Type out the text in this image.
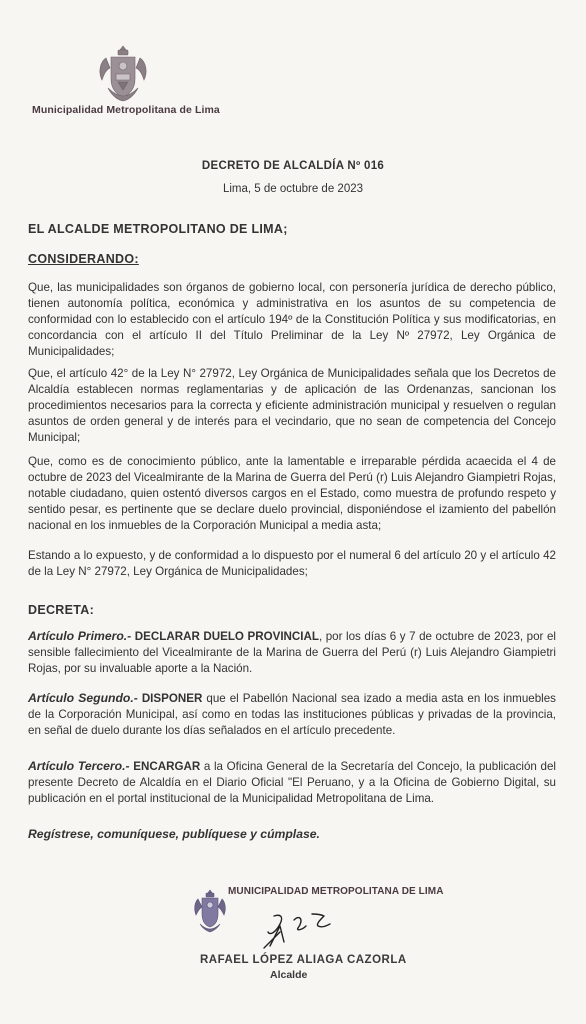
Municipalidad Metropolitana de Lima
DECRETO DE ALCALDÍA Nº 016
Lima, 5 de octubre de 2023
EL ALCALDE METROPOLITANO DE LIMA;
CONSIDERANDO:
Que, las municipalidades son órganos de gobierno local, con personería jurídica de derecho público, tienen autonomía política, económica y administrativa en los asuntos de su competencia de conformidad con lo establecido con el artículo 194º de la Constitución Política y sus modificatorias, en concordancia con el artículo II del Título Preliminar de la Ley Nº 27972, Ley Orgánica de Municipalidades;
Que, el artículo 42° de la Ley N° 27972, Ley Orgánica de Municipalidades señala que los Decretos de Alcaldía establecen normas reglamentarias y de aplicación de las Ordenanzas, sancionan los procedimientos necesarios para la correcta y eficiente administración municipal y resuelven o regulan asuntos de orden general y de interés para el vecindario, que no sean de competencia del Concejo Municipal;
Que, como es de conocimiento público, ante la lamentable e irreparable pérdida acaecida el 4 de octubre de 2023 del Vicealmirante de la Marina de Guerra del Perú (r) Luis Alejandro Giampietri Rojas, notable ciudadano, quien ostentó diversos cargos en el Estado, como muestra de profundo respeto y sentido pesar, es pertinente que se declare duelo provincial, disponiéndose el izamiento del pabellón nacional en los inmuebles de la Corporación Municipal a media asta;
Estando a lo expuesto, y de conformidad a lo dispuesto por el numeral 6 del artículo 20 y el artículo 42 de la Ley N° 27972, Ley Orgánica de Municipalidades;
DECRETA:
Artículo Primero.- DECLARAR DUELO PROVINCIAL, por los días 6 y 7 de octubre de 2023, por el sensible fallecimiento del Vicealmirante de la Marina de Guerra del Perú (r) Luis Alejandro Giampietri Rojas, por su invaluable aporte a la Nación.
Artículo Segundo.- DISPONER que el Pabellón Nacional sea izado a media asta en los inmuebles de la Corporación Municipal, así como en todas las instituciones públicas y privadas de la provincia, en señal de duelo durante los días señalados en el artículo precedente.
Artículo Tercero.- ENCARGAR a la Oficina General de la Secretaría del Concejo, la publicación del presente Decreto de Alcaldía en el Diario Oficial "El Peruano, y a la Oficina de Gobierno Digital, su publicación en el portal institucional de la Municipalidad Metropolitana de Lima.
Regístrese, comuníquese, publíquese y cúmplase.
MUNICIPALIDAD METROPOLITANA DE LIMA
RAFAEL LÓPEZ ALIAGA CAZORLA
Alcalde
